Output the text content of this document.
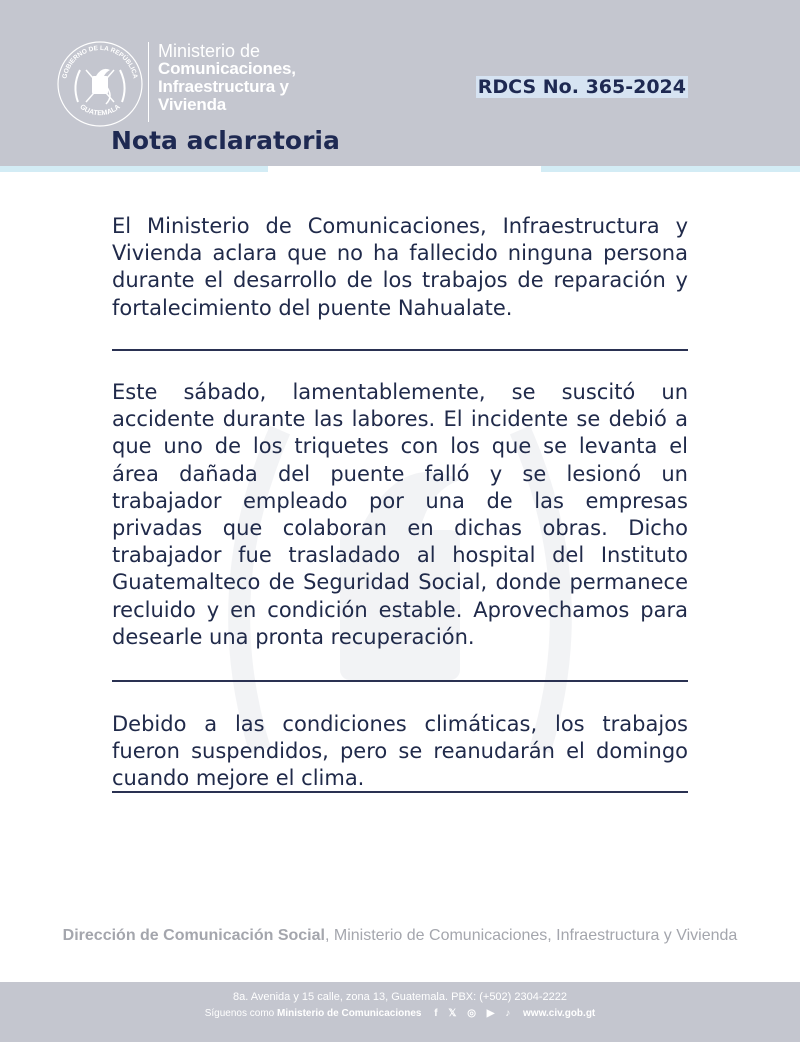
GOBIERNO DE LA REPÚBLICA
GUATEMALA
Ministerio de
Comunicaciones,
Infraestructura y
Vivienda
RDCS No. 365-2024
Nota aclaratoria

El Ministerio de Comunicaciones, Infraestructura y Vivienda aclara que no ha fallecido ninguna persona durante el desarrollo de los trabajos de reparación y fortalecimiento del puente Nahualate.

Este sábado, lamentablemente, se suscitó un accidente durante las labores. El incidente se debió a que uno de los triquetes con los que se levanta el área dañada del puente falló y se lesionó un trabajador empleado por una de las empresas privadas que colaboran en dichas obras. Dicho trabajador fue trasladado al hospital del Instituto Guatemalteco de Seguridad Social, donde permanece recluido y en condición estable. Aprovechamos para desearle una pronta recuperación.

Debido a las condiciones climáticas, los trabajos fueron suspendidos, pero se reanudarán el domingo cuando mejore el clima.

Dirección de Comunicación Social, Ministerio de Comunicaciones, Infraestructura y Vivienda
8a. Avenida y 15 calle, zona 13, Guatemala. PBX: (+502) 2304-2222
Síguenos como Ministerio de Comunicaciones f 𝕏 ◎ ▶ ♪ www.civ.gob.gt
